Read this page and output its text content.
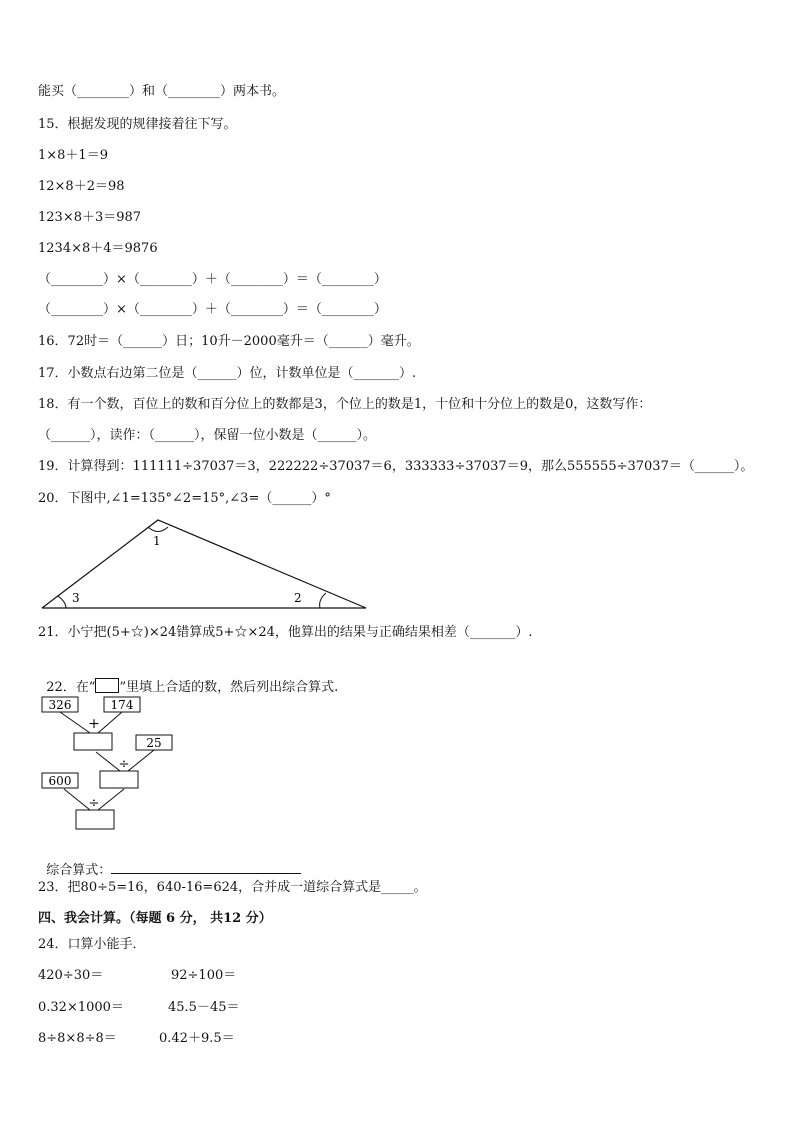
能买（________）和（________）两本书。
15．根据发现的规律接着往下写。
1×8＋1＝9
12×8＋2＝98
123×8＋3＝987
1234×8＋4＝9876
（________）×（________）＋（________）＝（________）
（________）×（________）＋（________）＝（________）
16．72时＝（______）日；10升－2000毫升＝（______）毫升。
17．小数点右边第二位是（______）位，计数单位是（_______）.
18．有一个数，百位上的数和百分位上的数都是3，个位上的数是1，十位和十分位上的数是0，这数写作：
（______），读作：（______），保留一位小数是（______）。
19．计算得到：111111÷37037＝3，222222÷37037＝6，333333÷37037＝9，那么555555÷37037＝（______）。
20．下图中,∠1=135°∠2=15°,∠3=（______）°
1
3	2
21．小宁把(5+☆)×24错算成5+☆×24，他算出的结果与正确结果相差（_______）.

22．在“ ”里填上合适的数，然后列出综合算式.

326	174
25
600
+
÷
÷

综合算式：

23．把80÷5=16，640-16=624，合并成一道综合算式是_____。
四、我会计算。（每题 6 分， 共12 分）
24．口算小能手．
420÷30＝	92÷100＝
0.32×1000＝	45.5－45＝
8÷8×8÷8＝	0.42＋9.5＝
